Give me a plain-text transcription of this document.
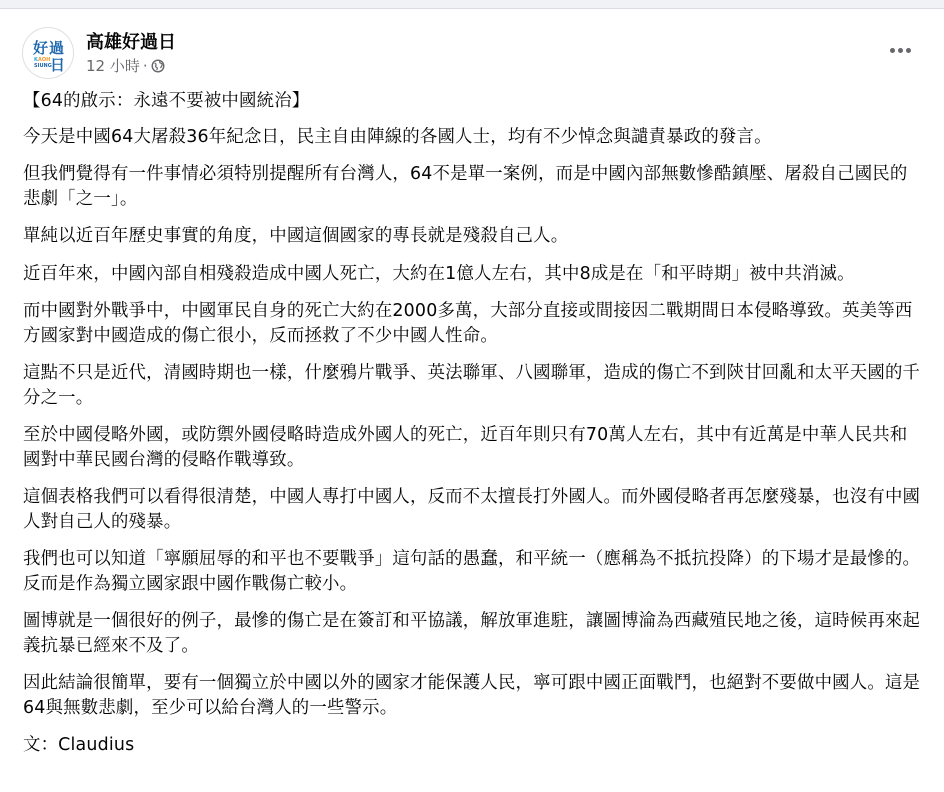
好 過
K AOH
SIUNG
日
高雄好過日
12 小時 ·

【64的啟示：永遠不要被中國統治】

今天是中國64大屠殺36年紀念日，民主自由陣線的各國人士，均有不少悼念與譴責暴政的發言。

但我們覺得有一件事情必須特別提醒所有台灣人，64不是單一案例，而是中國內部無數慘酷鎮壓、屠殺自己國民的悲劇「之一」。

單純以近百年歷史事實的角度，中國這個國家的專長就是殘殺自己人。

近百年來，中國內部自相殘殺造成中國人死亡，大約在1億人左右，其中8成是在「和平時期」被中共消滅。

而中國對外戰爭中，中國軍民自身的死亡大約在2000多萬，大部分直接或間接因二戰期間日本侵略導致。英美等西方國家對中國造成的傷亡很小，反而拯救了不少中國人性命。

這點不只是近代，清國時期也一樣，什麼鴉片戰爭、英法聯軍、八國聯軍，造成的傷亡不到陝甘回亂和太平天國的千分之一。

至於中國侵略外國，或防禦外國侵略時造成外國人的死亡，近百年則只有70萬人左右，其中有近萬是中華人民共和國對中華民國台灣的侵略作戰導致。

這個表格我們可以看得很清楚，中國人專打中國人，反而不太擅長打外國人。而外國侵略者再怎麼殘暴，也沒有中國人對自己人的殘暴。

我們也可以知道「寧願屈辱的和平也不要戰爭」這句話的愚蠢，和平統一（應稱為不抵抗投降）的下場才是最慘的。反而是作為獨立國家跟中國作戰傷亡較小。

圖博就是一個很好的例子，最慘的傷亡是在簽訂和平協議，解放軍進駐，讓圖博淪為西藏殖民地之後，這時候再來起義抗暴已經來不及了。

因此結論很簡單，要有一個獨立於中國以外的國家才能保護人民，寧可跟中國正面戰鬥，也絕對不要做中國人。這是64與無數悲劇，至少可以給台灣人的一些警示。

文：Claudius
